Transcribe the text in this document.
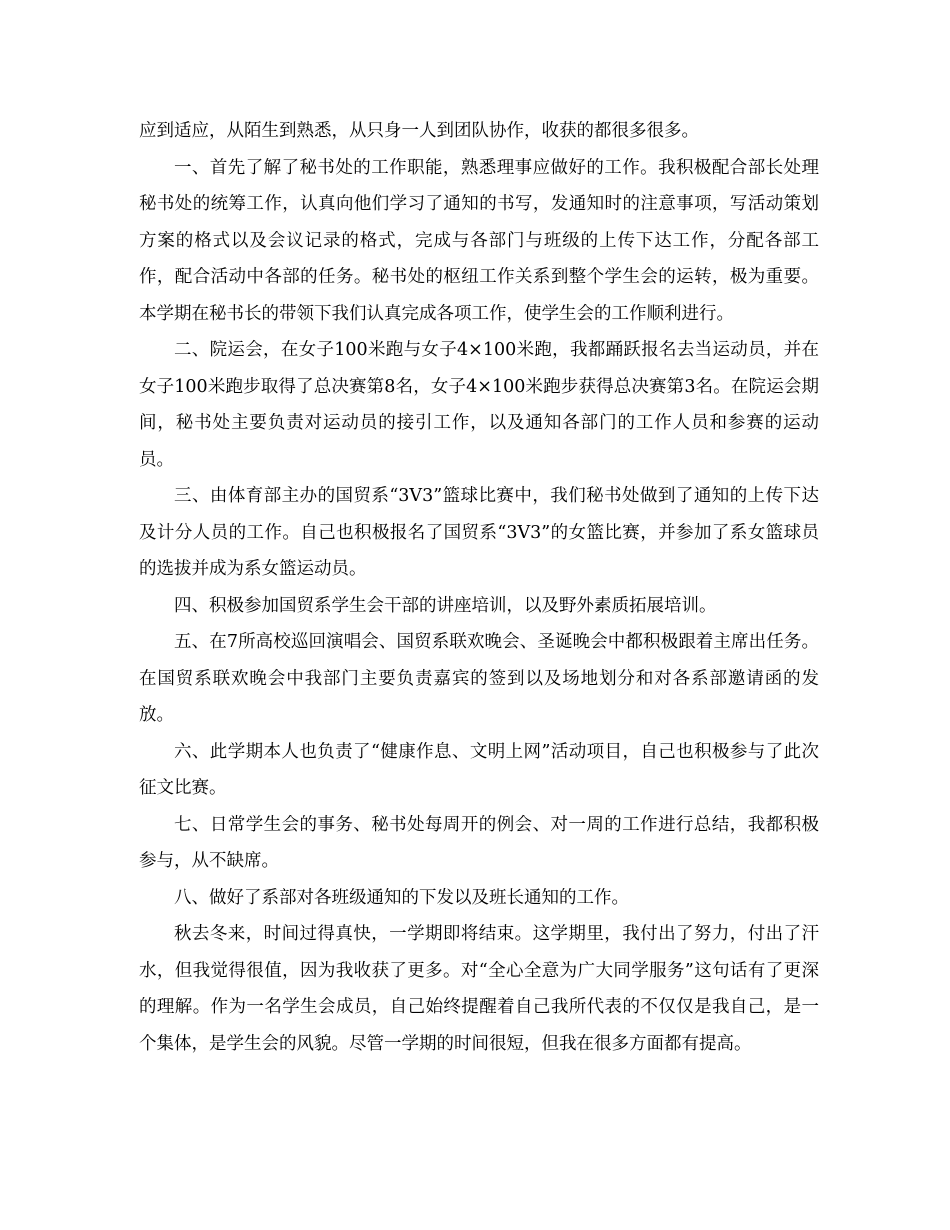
应到适应，从陌生到熟悉，从只身一人到团队协作，收获的都很多很多。

一、首先了解了秘书处的工作职能，熟悉理事应做好的工作。我积极配合部长处理秘书处的统筹工作，认真向他们学习了通知的书写，发通知时的注意事项，写活动策划方案的格式以及会议记录的格式，完成与各部门与班级的上传下达工作，分配各部工作，配合活动中各部的任务。秘书处的枢纽工作关系到整个学生会的运转，极为重要。本学期在秘书长的带领下我们认真完成各项工作，使学生会的工作顺利进行。

二、院运会，在女子100米跑与女子4×100米跑，我都踊跃报名去当运动员，并在女子100米跑步取得了总决赛第8名，女子4×100米跑步获得总决赛第3名。在院运会期间，秘书处主要负责对运动员的接引工作，以及通知各部门的工作人员和参赛的运动员。

三、由体育部主办的国贸系“3V3”篮球比赛中，我们秘书处做到了通知的上传下达及计分人员的工作。自己也积极报名了国贸系“3V3”的女篮比赛，并参加了系女篮球员的选拔并成为系女篮运动员。

四、积极参加国贸系学生会干部的讲座培训，以及野外素质拓展培训。

五、在7所高校巡回演唱会、国贸系联欢晚会、圣诞晚会中都积极跟着主席出任务。在国贸系联欢晚会中我部门主要负责嘉宾的签到以及场地划分和对各系部邀请函的发放。

六、此学期本人也负责了“健康作息、文明上网”活动项目，自己也积极参与了此次征文比赛。

七、日常学生会的事务、秘书处每周开的例会、对一周的工作进行总结，我都积极参与，从不缺席。

八、做好了系部对各班级通知的下发以及班长通知的工作。

秋去冬来，时间过得真快，一学期即将结束。这学期里，我付出了努力，付出了汗水，但我觉得很值，因为我收获了更多。对“全心全意为广大同学服务”这句话有了更深的理解。作为一名学生会成员，自己始终提醒着自己我所代表的不仅仅是我自己，是一个集体，是学生会的风貌。尽管一学期的时间很短，但我在很多方面都有提高。
